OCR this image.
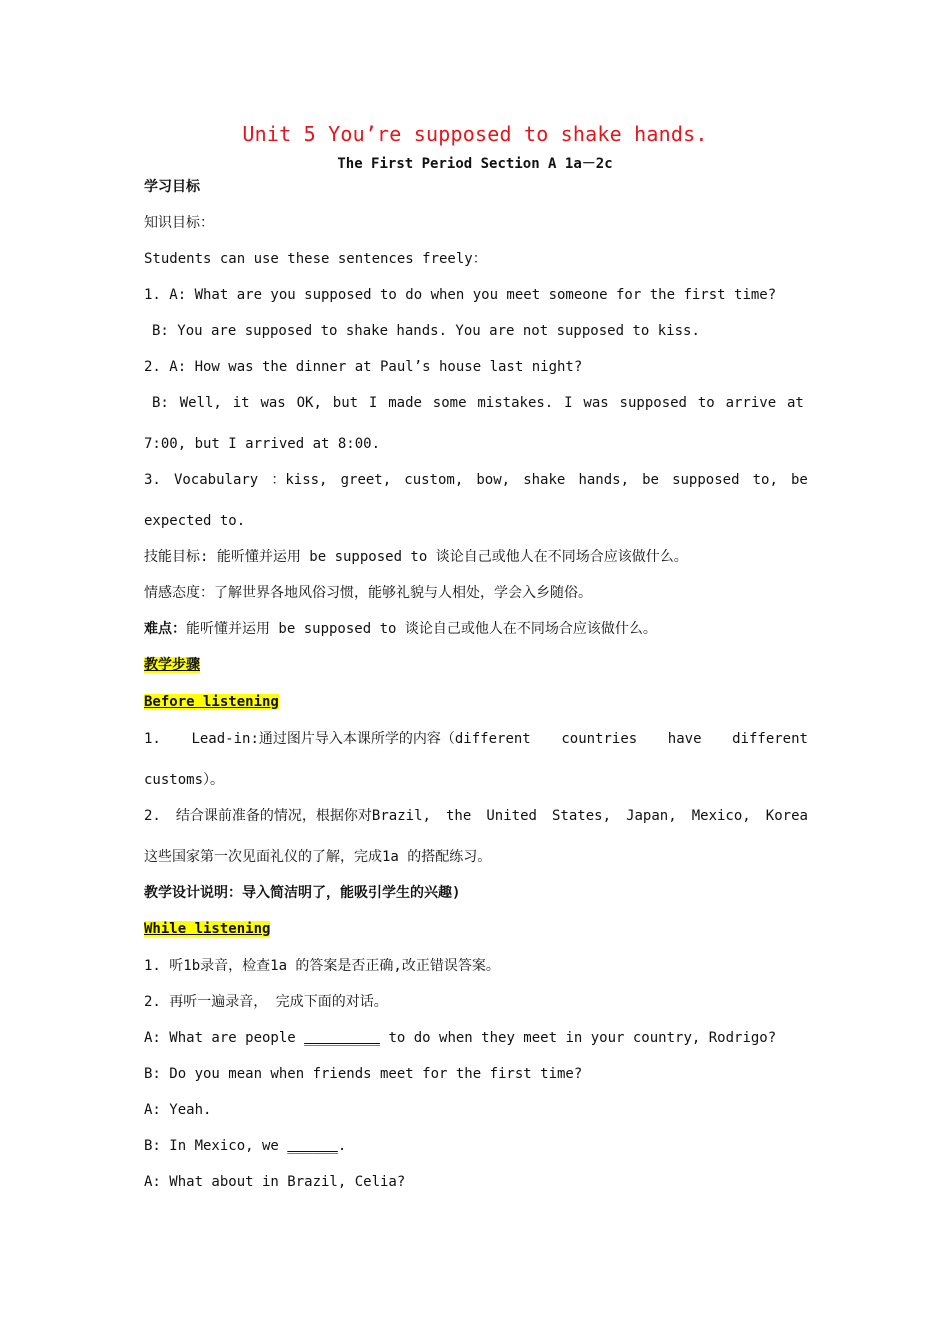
Unit 5 You’re supposed to shake hands.
The First Period Section A 1a－2c
学习目标
知识目标：
Students can use these sentences freely：
1. A: What are you supposed to do when you meet someone for the first time?
B: You are supposed to shake hands. You are not supposed to kiss.
2. A: How was the dinner at Paul’s house last night?
B: Well, it was OK, but I made some mistakes. I was supposed to arrive at
7:00, but I arrived at 8:00.
3. Vocabulary ：kiss, greet, custom, bow, shake hands, be supposed to, be
expected to.
技能目标: 能听懂并运用 be supposed to 谈论自己或他人在不同场合应该做什么。
情感态度：了解世界各地风俗习惯，能够礼貌与人相处，学会入乡随俗。
难点：能听懂并运用 be supposed to 谈论自己或他人在不同场合应该做什么。
教学步骤
Before listening
1. Lead-in:通过图片导入本课所学的内容（different countries have different
customs）。
2. 结合课前准备的情况，根据你对Brazil, the United States, Japan, Mexico, Korea
这些国家第一次见面礼仪的了解，完成1a 的搭配练习。
教学设计说明：导入简洁明了，能吸引学生的兴趣)
While listening
1. 听1b录音，检查1a 的答案是否正确,改正错误答案。
2. 再听一遍录音， 完成下面的对话。
A: What are people _________ to do when they meet in your country, Rodrigo?
B: Do you mean when friends meet for the first time?
A: Yeah.
B: In Mexico, we ______.
A: What about in Brazil, Celia?
